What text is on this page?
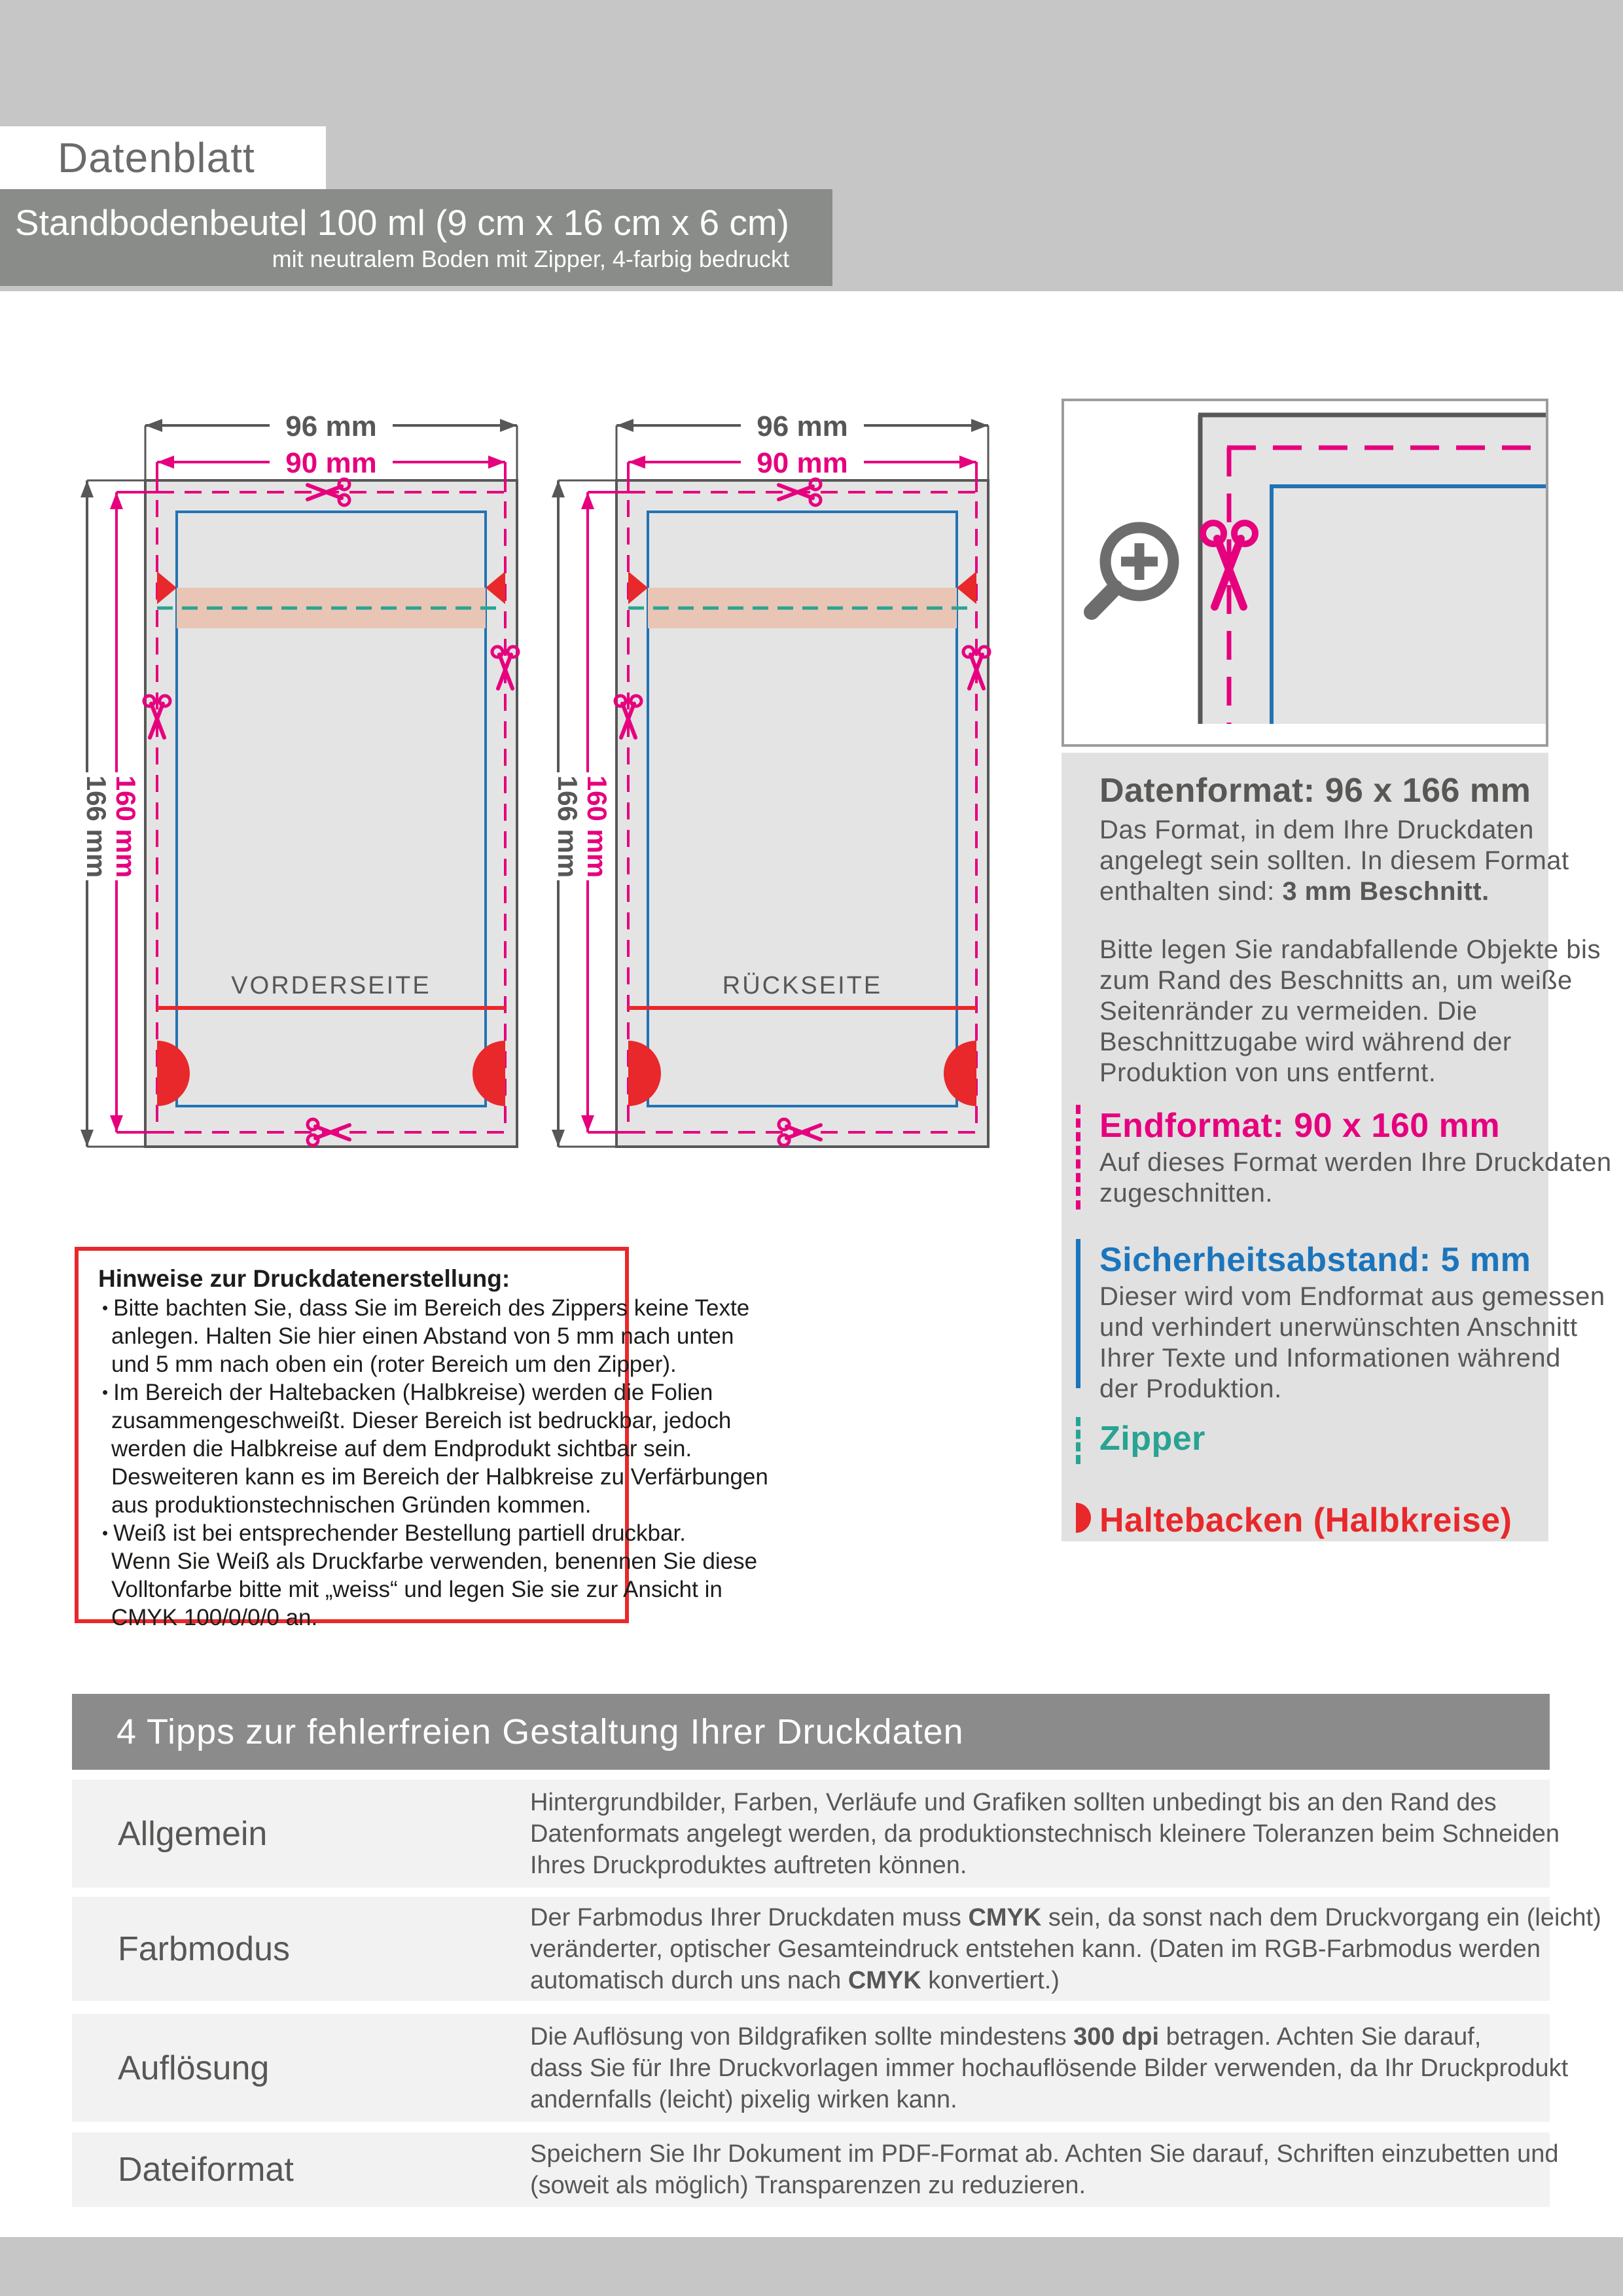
Standbodenbeutel 100 ml (9 cm x 16 cm x 6 cm)
mit neutralem Boden mit Zipper, 4-farbig bedruckt
Datenblatt
96 mm
90 mm
166 mm
160 mm
VORDERSEITE
96 mm
90 mm
166 mm
160 mm
RÜCKSEITE
Datenformat: 96 x 166 mm
Das Format, in dem Ihre Druckdaten
angelegt sein sollten. In diesem Format
enthalten sind: 3 mm Beschnitt.
Bitte legen Sie randabfallende Objekte bis
zum Rand des Beschnitts an, um weiße
Seitenränder zu vermeiden. Die
Beschnittzugabe wird während der
Produktion von uns entfernt.
Endformat: 90 x 160 mm
Auf dieses Format werden Ihre Druckdaten
zugeschnitten.
Sicherheitsabstand: 5 mm
Dieser wird vom Endformat aus gemessen
und verhindert unerwünschten Anschnitt
Ihrer Texte und Informationen während
der Produktion.
Zipper
Haltebacken (Halbkreise)
Hinweise zur Druckdatenerstellung:
• Bitte bachten Sie, dass Sie im Bereich des Zippers keine Texte
anlegen. Halten Sie hier einen Abstand von 5 mm nach unten
und 5 mm nach oben ein (roter Bereich um den Zipper).
• Im Bereich der Haltebacken (Halbkreise) werden die Folien
zusammengeschweißt. Dieser Bereich ist bedruckbar, jedoch
werden die Halbkreise auf dem Endprodukt sichtbar sein.
Desweiteren kann es im Bereich der Halbkreise zu Verfärbungen
aus produktionstechnischen Gründen kommen.
• Weiß ist bei entsprechender Bestellung partiell druckbar.
Wenn Sie Weiß als Druckfarbe verwenden, benennen Sie diese
Volltonfarbe bitte mit „weiss“ und legen Sie sie zur Ansicht in
CMYK 100/0/0/0 an.
4 Tipps zur fehlerfreien Gestaltung Ihrer Druckdaten
Allgemein
Hintergrundbilder, Farben, Verläufe und Grafiken sollten unbedingt bis an den Rand des
Datenformats angelegt werden, da produktionstechnisch kleinere Toleranzen beim Schneiden
Ihres Druckproduktes auftreten können.
Farbmodus
Der Farbmodus Ihrer Druckdaten muss CMYK sein, da sonst nach dem Druckvorgang ein (leicht)
veränderter, optischer Gesamteindruck entstehen kann. (Daten im RGB-Farbmodus werden
automatisch durch uns nach CMYK konvertiert.)
Auflösung
Die Auflösung von Bildgrafiken sollte mindestens 300 dpi betragen. Achten Sie darauf,
dass Sie für Ihre Druckvorlagen immer hochauflösende Bilder verwenden, da Ihr Druckprodukt
andernfalls (leicht) pixelig wirken kann.
Dateiformat	Speichern Sie Ihr Dokument im PDF-Format ab. Achten Sie darauf, Schriften einzubetten und
(soweit als möglich) Transparenzen zu reduzieren.
